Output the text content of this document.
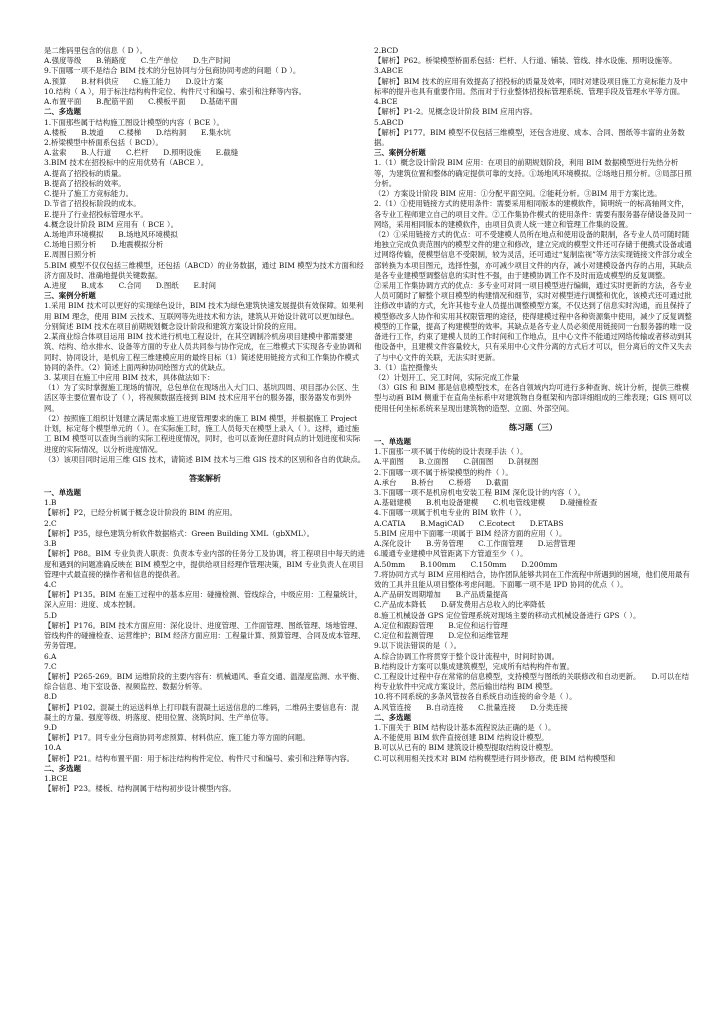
是二维码里包含的信息（ D ）。

A.强度等级　　B.销路度　　C.生产单位　　D.生产时间

9.下面哪一项不是结合 BIM 技术的分包协同与分包商协同考虑的问题（ D ）。

A.预算　　B.材料供应　　C.施工能力　　D.设计方案

10.结构（ A ），用于标注结构构件定位、构件尺寸和编号、索引和注释等内容。

A.布置平面　　B.配筋平面　　C.模板平面　　D.基础平面

二、多选题

1.下面那些属于结构施工图设计模型的内容（ BCE ）。

A.楼板　　B.坡道　　C.楼梯　　D.结构洞　　E.集水坑

2.桥梁模型中桥面系包括（ BCD）。

A.盆索　　B.人行道　　C.栏杆　　D.照明设施　　E.截缝

3.BIM 技术在招投标中的应用优势有（ABCE ）。

A.提高了招投标的质量。

B.提高了招投标的效率。

C.提升了施工方竞标能力。

D.节省了招投标阶段的成本。

E.提升了行业招投标管理水平。

4.概念设计阶段 BIM 应用有（ BCE ）。

A.场地声环境模拟　　B.场地风环境模拟

C.场地日照分析　　D.地震模拟分析

E.周围日照分析

5.BIM 模型不仅仅包括三维模型，还包括（ABCD）的业务数据，通过 BIM 模型为技术方面和经济方面及时、准确地提供关键数据。

A.进度　　B.成本　　C.合同　　D.图纸　　E.时间

三、案例分析题

1.采用 BIM 技术可以更好的实现绿色设计，BIM 技术为绿色建筑快速发展提供有效保障。如果利用 BIM 理念，使用 BIM 云技术、互联网等先进技术和方法，建筑从开始设计就可以更加绿色。分别简述 BIM 技术在项目前期规划概念设计阶段和建筑方案设计阶段的应用。

2.某商业综合体项目运用 BIM 技术进行机电工程设计，在其空调制冷机房项目建模中都需要建筑、结构、给水排水、设备等方面的专业人员共同参与协作完成，在三维模式下实现各专业协调和同时、协同设计，是机房工程三维建模应用的最终目标（1）简述使用链接方式和工作集协作模式协同的条件。（2）简述上面两种协同绘图方式的优缺点。

3. 某项目在施工中应用 BIM 技术，具体做法如下：

（1）为了实时掌握施工现场的情况，总包单位在现场出入大门口、基坑四周、项目部办公区、生活区等主要位置布设了（ ），将视频数据连接到 BIM 技术应用平台的服务器，服务器发布到外网。

（2）按照施工组织计划建立满足需求施工进度管理要求的施工 BIM 模型，并根据施工 Project 计划，标定每个模型单元的（ ）。在实际施工时，施工人员每天在模型上录入（ ）。这样，通过施工 BIM 模型可以查询当前的实际工程进度情况，同时，也可以查询任意时间点的计划进度和实际进度的实际情况，以分析进度情况。

（3）该项目同时运用三维 GIS 技术，请简述 BIM 技术与三维 GIS 技术的区别和各自的优缺点。

答案解析

一、单选题

1.B

【解析】P2，已经分析属于概念设计阶段的 BIM 的应用。

2.C

【解析】P35，绿色建筑分析软件数据格式：Green Building XML（gbXML）。

3.B

【解析】P88。BIM 专业负责人职责：负责本专业内部的任务分工及协调，将工程项目中每天的进度和遇到的问题准确反映在 BIM 模型之中，提供给项目经理作管理决策，BIM 专业负责人在项目管理中式最直接的操作者和信息的提供者。

4.C

【解析】P135。BIM 在施工过程中的基本应用：碰撞检测、管线综合，中级应用：工程量统计，深入应用：进度、成本控制。

5.D

【解析】P176。BIM 技术方面应用：深化设计、进度管理、工作面管理、图纸管理、场地管理、管线构件的碰撞检查、运营维护；BIM 经济方面应用：工程量计算、预算管理、合同及成本管理、劳务管理。

6.A

7.C

【解析】P265-269。BIM 运维阶段的主要内容有：机械通风、垂直交通、温湿度监测、水平衡、综合信息、地下室设备、视频监控、数据分析等。

8.D

【解析】P102。混凝土的运送料单上打印载有混凝土运送信息的二维码，二维码主要信息有：混凝土的方量、强度等级、坍落度、使用位置、浇筑时间、生产单位等。

9.D

【解析】P17。同专业分包商协同考虑预算、材料供应、施工能力等方面的问题。

10.A

【解析】P21。结构布置平面：用于标注结构构件定位、构件尺寸和编号、索引和注释等内容。

二、多选题

1.BCE

【解析】P23。楼板、结构洞属于结构初步设计模型内容。

2.BCD

【解析】P62。桥梁模型桥面系包括：栏杆、人行道、铺装、管线、排水设施、照明设施等。

3.ABCE

【解析】BIM 技术的应用有效提高了招投标的质量及效率，同时对建设项目施工方竞标能力及中标率的提升也具有重要作用。然而对于行业整体招投标管理系统、管理手段及管理水平等方面。

4.BCE

【解析】P1-2。见概念设计阶段 BIM 应用内容。

5.ABCD

【解析】P177。BIM 模型不仅包括三维模型，还包含进度、成本、合同、图纸等丰富的业务数据。

三、案例分析题

1.（1）概念设计阶段 BIM 应用：在项目的前期规划阶段，利用 BIM 数据模型进行先热分析等，为建筑位置和整体的确定提供可靠的支持。①场地风环境模拟。②场地日照分析。③局部日照分析。

（2）方案设计阶段 BIM 应用：①分配平面空间。②能耗分析。③BIM 用于方案比选。

2.（1）①使用链接方式的使用条件：需要采用相同版本的建模软件，简明统一的标高轴网文件，各专业工程师建立自己的项目文件。②工作集协作模式的使用条件：需要有服务器存储设备及同一网络，采用相同版本的建模软件，由项目负责人统一建立和管理工作集的设置。

（2）①采用链接方式的优点：可不受建模人员所在地点和使用设备的限制，各专业人员可随时随地独立完成负责范围内的模型文件的建立和修改，建立完成的模型文件还可存储于便携式设备或通过网络传输，使模型信息不受限制，较为灵活，还可通过“复制监视”等方法实现链接文件部分或全部转换为本项目图元，选择性强，亦可减少项目文件的内存，减小对建模设备内存的占用，其缺点是各专业建模型调整信息的实时性不强，由于建模协调工作不及时而造成模型的反复调整。

②采用工作集协调方式的优点：多专业可对同一项目模型进行编辑，通过实时更新的方法，各专业人员可随时了解整个项目模型的构建情况和细节，实时对模型进行调整和优化，该模式还可通过批注修改申请的方式，允许其他专业人员提出调整模型方案，不仅达到了信息实时沟通，而且保持了模型修改多人协作和实用其权限管理的途径，使得建模过程中各种资源集中使用，减少了反复调整模型的工作量，提高了构建模型的效率。其缺点是各专业人员必须使用链接同一台服务器的唯一设备进行工作，约束了建模人员的工作时间和工作地点，且中心文件不能通过网络传输或者移动到其他设备中，且建模文件容量较大，只有采用中心文件分离的方式后才可以，但分离后的文件又失去了与中心文件的关联，无法实时更新。

3.（1）监控摄像头

（2）计划开工、完工时间，实际完成工作量

（3）GIS 和 BIM 都是信息模型技术，在各自领域内均可进行多种查询、统计分析，提供三维模型与动画 BIM 侧重于在直角坐标系中对建筑物自身框架和内部详细组成的三维表现；GIS 则可以使用任何坐标系统来呈现出建筑物的造型、立面、外部空间。

练习题（三）

一、单选题

1.下面那一项不属于传统的设计表现手法（ ）。

A.平面图　　B.立面图　　C.剖面图　　D.剖视图

2.下面哪一项不属于桥梁模型的构件（ ）。

A.承台　　B.桥台　　C.桥塔　　D.截面

3.下面哪一项不是机房机电安装工程 BIM 深化设计的内容（ ）。

A.基础建模　　B.机电设备建模　　C.机电管线建模　　D.碰撞检查

4.下面哪一项属于机电专业的 BIM 软件（ ）。

A.CATIA　　B.MagiCAD　　C.Ecotect　　D.ETABS

5.BIM 应用中下面哪一项属于 BIM 经济方面的应用（ ）。

A.深化设计　　B.劳务管理　　C.工作面管理　　D.运营管理

6.暖通专业建模中风管距离下方管道至少（ ）。

A.50mm　　B.100mm　　C.150mm　　D.200mm

7.将协同方式与 BIM 应用相结合，协作团队能够共同在工作流程中所遇到的困境，他们使用最有效的工具并且能从项目整体考虑问题。下面哪一项不是 IPD 协同的优点（ ）。

A.产品研发周期增加　　B.产品质量提高

C.产品成本降低　　D.研发费用占总收入的比率降低

8.施工机械设备 GPS 定位管理系统对现场主要的移动式机械设备进行 GPS（ ）。

A.定位和跟踪管理　　B.定位和运行管理

C.定位和监测管理　　D.定位和运维管理

9.以下说法错误的是（ ）。

A.综合协调工作将贯穿于整个设计流程中，时间时协调。

B.结构设计方案可以集成建筑模型，完成所有结构构件布置。

C.工程设计过程中存在常常的信息模型，支持模型与图纸的关联修改和自动更新。　　D.可以在结构专业软件中完成方案设计，然后输出结构 BIM 模型。

10.将不同系统的多条风管按各自系统自动连接的命令是（ ）。

A.风管连接　　B.自动连接　　C.批量连接　　D.分类连接

二、多选题

1.下面关于 BIM 结构设计基本流程说法正确的是（ ）。

A.不能使用 BIM 软件直接创建 BIM 结构设计模型。

B.可以从已有的 BIM 建筑设计模型提取结构设计模型。

C.可以利用相关技术对 BIM 结构模型进行同步修改，使 BIM 结构模型和
